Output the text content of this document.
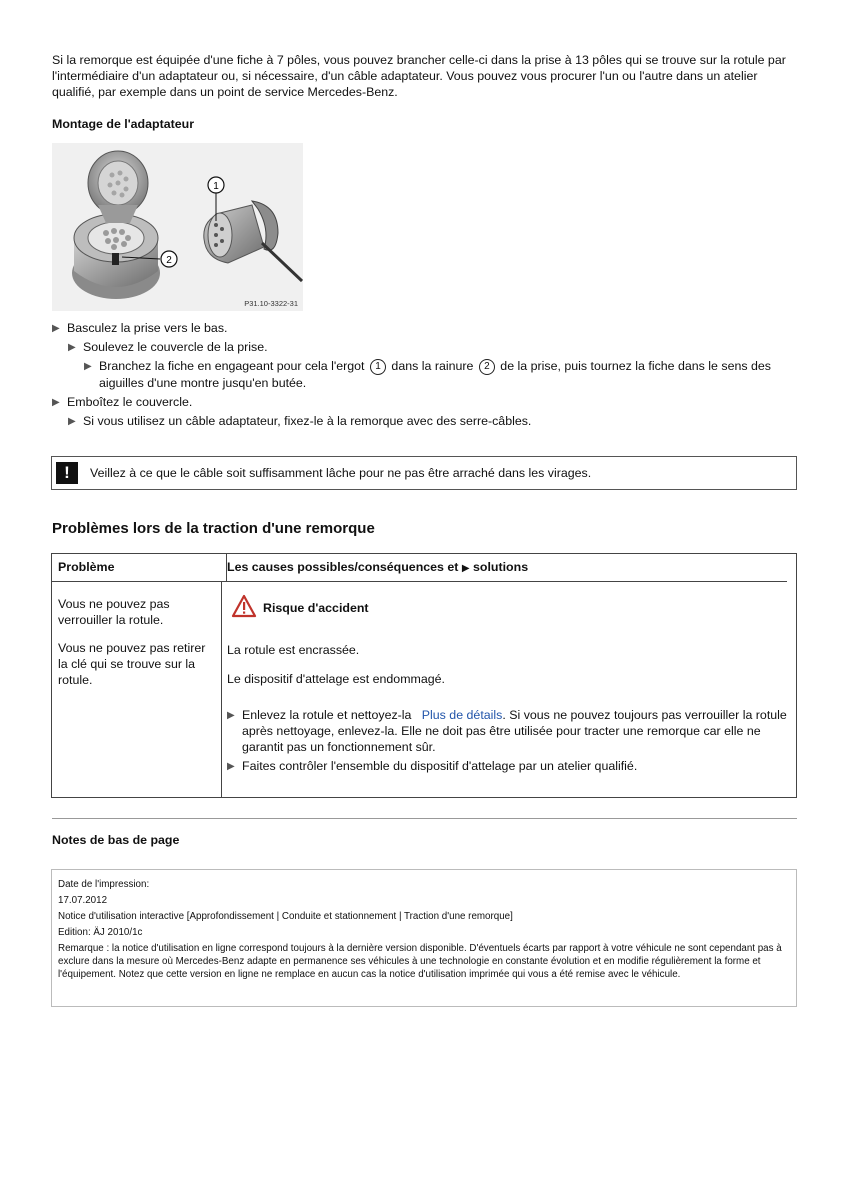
Si la remorque est équipée d'une fiche à 7 pôles, vous pouvez brancher celle-ci dans la prise à 13 pôles qui se trouve sur la rotule par l'intermédiaire d'un adaptateur ou, si nécessaire, d'un câble adaptateur. Vous pouvez vous procurer l'un ou l'autre dans un atelier qualifié, par exemple dans un point de service Mercedes-Benz.

Montage de l'adaptateur
2
1
P31.10-3322-31
▶ Basculez la prise vers le bas.
▶ Soulevez le couvercle de la prise.
▶ Branchez la fiche en engageant pour cela l'ergot 1 dans la rainure 2 de la prise, puis tournez la fiche dans le sens des aiguilles d'une montre jusqu'en butée.
▶ Emboîtez le couvercle.
▶ Si vous utilisez un câble adaptateur, fixez-le à la remorque avec des serre-câbles.
!	Veillez à ce que le câble soit suffisamment lâche pour ne pas être arraché dans les virages.
Problèmes lors de la traction d'une remorque
Problème	Les causes possibles/conséquences et ▶ solutions

Vous ne pouvez pas verrouiller la rotule.

Vous ne pouvez pas retirer la clé qui se trouve sur la rotule.

Risque d'accident

La rotule est encrassée.

Le dispositif d'attelage est endommagé.

▶ Enlevez la rotule et nettoyez-la Plus de détails. Si vous ne pouvez toujours pas verrouiller la rotule après nettoyage, enlevez-la. Elle ne doit pas être utilisée pour tracter une remorque car elle ne garantit pas un fonctionnement sûr.
▶ Faites contrôler l'ensemble du dispositif d'attelage par un atelier qualifié.
Notes de bas de page

Date de l'impression:

17.07.2012

Notice d'utilisation interactive [Approfondissement | Conduite et stationnement | Traction d'une remorque]

Edition: ÄJ 2010/1c

Remarque : la notice d'utilisation en ligne correspond toujours à la dernière version disponible. D'éventuels écarts par rapport à votre véhicule ne sont cependant pas à exclure dans la mesure où Mercedes-Benz adapte en permanence ses véhicules à une technologie en constante évolution et en modifie régulièrement la forme et l'équipement. Notez que cette version en ligne ne remplace en aucun cas la notice d'utilisation imprimée qui vous a été remise avec le véhicule.
